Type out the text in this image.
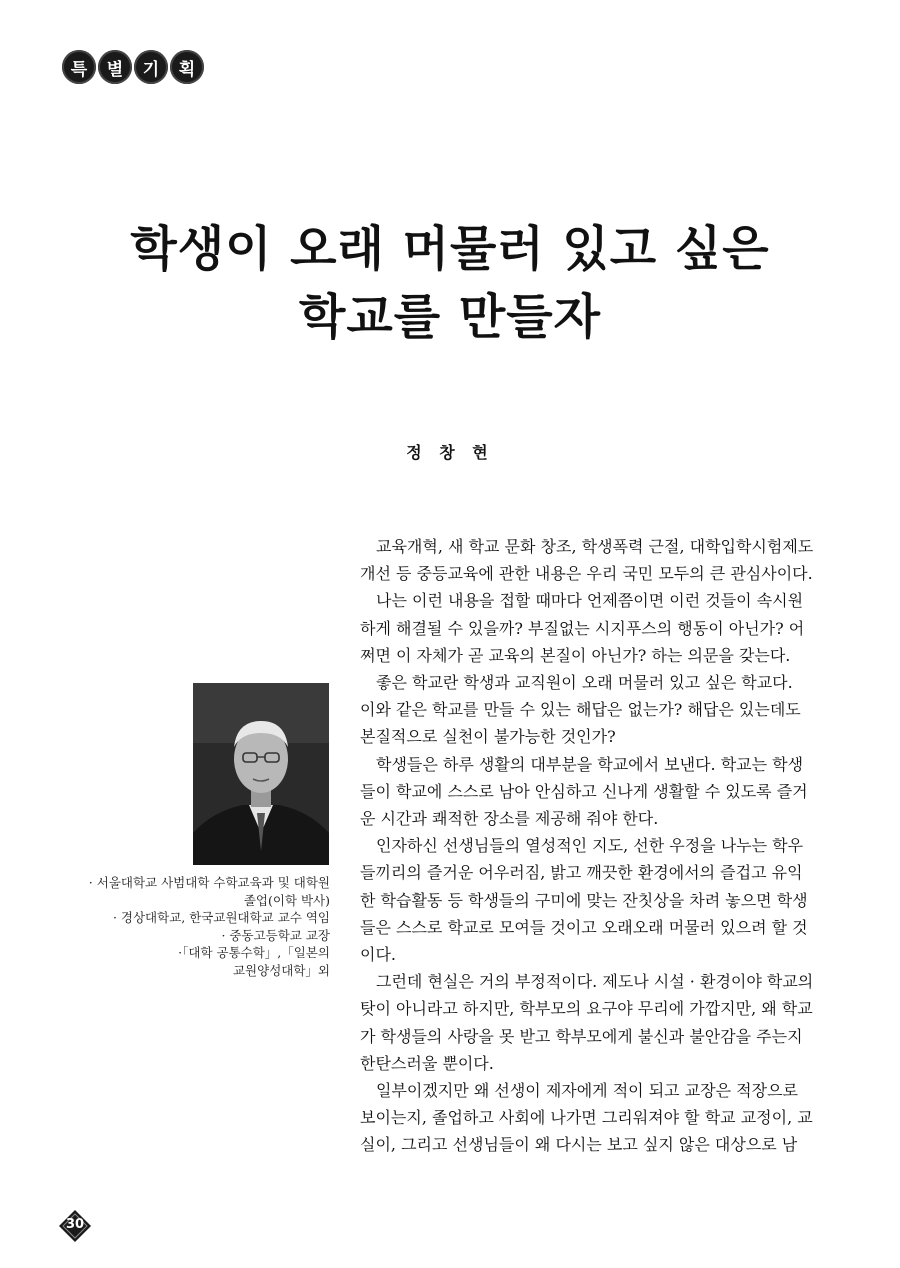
특	별	기	획
학생이 오래 머물러 있고 싶은
학교를 만들자
정 창 현
· 서울대학교 사범대학 수학교육과 및 대학원
졸업(이학 박사)
· 경상대학교, 한국교원대학교 교수 역임
· 중동고등학교 교장
·「대학 공통수학」,「일본의
교원양성대학」외

교육개혁, 새 학교 문화 창조, 학생폭력 근절, 대학입학시험제도
개선 등 중등교육에 관한 내용은 우리 국민 모두의 큰 관심사이다.

나는 이런 내용을 접할 때마다 언제쯤이면 이런 것들이 속시원
하게 해결될 수 있을까? 부질없는 시지푸스의 행동이 아닌가? 어
쩌면 이 자체가 곧 교육의 본질이 아닌가? 하는 의문을 갖는다.

좋은 학교란 학생과 교직원이 오래 머물러 있고 싶은 학교다.
이와 같은 학교를 만들 수 있는 해답은 없는가? 해답은 있는데도
본질적으로 실천이 불가능한 것인가?

학생들은 하루 생활의 대부분을 학교에서 보낸다. 학교는 학생
들이 학교에 스스로 남아 안심하고 신나게 생활할 수 있도록 즐거
운 시간과 쾌적한 장소를 제공해 줘야 한다.

인자하신 선생님들의 열성적인 지도, 선한 우정을 나누는 학우
들끼리의 즐거운 어우러짐, 밝고 깨끗한 환경에서의 즐겁고 유익
한 학습활동 등 학생들의 구미에 맞는 잔칫상을 차려 놓으면 학생
들은 스스로 학교로 모여들 것이고 오래오래 머물러 있으려 할 것
이다.

그런데 현실은 거의 부정적이다. 제도나 시설 · 환경이야 학교의
탓이 아니라고 하지만, 학부모의 요구야 무리에 가깝지만, 왜 학교
가 학생들의 사랑을 못 받고 학부모에게 불신과 불안감을 주는지
한탄스러울 뿐이다.

일부이겠지만 왜 선생이 제자에게 적이 되고 교장은 적장으로
보이는지, 졸업하고 사회에 나가면 그리워져야 할 학교 교정이, 교
실이, 그리고 선생님들이 왜 다시는 보고 싶지 않은 대상으로 남

30
